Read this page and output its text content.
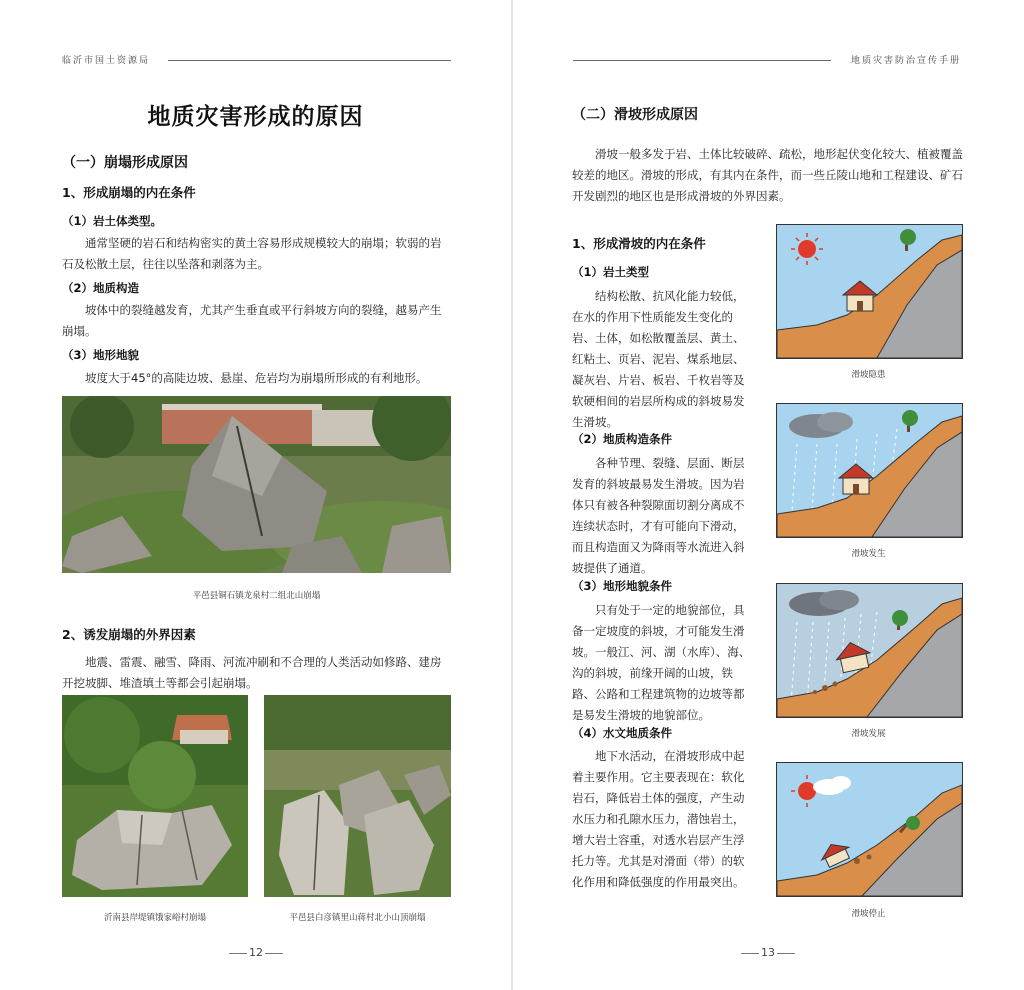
临沂市国土资源局
地质灾害形成的原因
（一）崩塌形成原因
1、形成崩塌的内在条件
（1）岩土体类型。

通常坚硬的岩石和结构密实的黄土容易形成规模较大的崩塌；软弱的岩石及松散土层，往往以坠落和剥落为主。

（2）地质构造

坡体中的裂缝越发育，尤其产生垂直或平行斜坡方向的裂缝，越易产生崩塌。

（3）地形地貌

坡度大于45°的高陡边坡、悬崖、危岩均为崩塌所形成的有利地形。

平邑县铜石镇龙泉村二组北山崩塌
2、诱发崩塌的外界因素

地震、雷震、融雪、降雨、河流冲刷和不合理的人类活动如修路、建房开挖坡脚、堆渣填土等都会引起崩塌。

沂南县岸堤镇饿家峪村崩塌	平邑县白彦镇里山蒋村北小山顶崩塌
12
地质灾害防治宣传手册
（二）滑坡形成原因

滑坡一般多发于岩、土体比较破碎、疏松，地形起伏变化较大、植被覆盖较差的地区。滑坡的形成，有其内在条件，而一些丘陵山地和工程建设、矿石开发剧烈的地区也是形成滑坡的外界因素。

1、形成滑坡的内在条件
（1）岩土类型

结构松散、抗风化能力较低，在水的作用下性质能发生变化的岩、土体，如松散覆盖层、黄土、红粘土、页岩、泥岩、煤系地层、凝灰岩、片岩、板岩、千枚岩等及软硬相间的岩层所构成的斜坡易发生滑坡。

（2）地质构造条件

各种节理、裂缝、层面、断层发育的斜坡最易发生滑坡。因为岩体只有被各种裂隙面切割分离成不连续状态时，才有可能向下滑动，而且构造面又为降雨等水流进入斜坡提供了通道。

（3）地形地貌条件

只有处于一定的地貌部位，具备一定坡度的斜坡，才可能发生滑坡。一般江、河、湖（水库）、海、沟的斜坡，前缘开阔的山坡，铁路、公路和工程建筑物的边坡等都是易发生滑坡的地貌部位。

（4）水文地质条件

地下水活动，在滑坡形成中起着主要作用。它主要表现在：软化岩石，降低岩土体的强度，产生动水压力和孔隙水压力，潜蚀岩土，增大岩土容重，对透水岩层产生浮托力等。尤其是对滑面（带）的软化作用和降低强度的作用最突出。

滑坡隐患
滑坡发生
滑坡发展
滑坡停止
13
